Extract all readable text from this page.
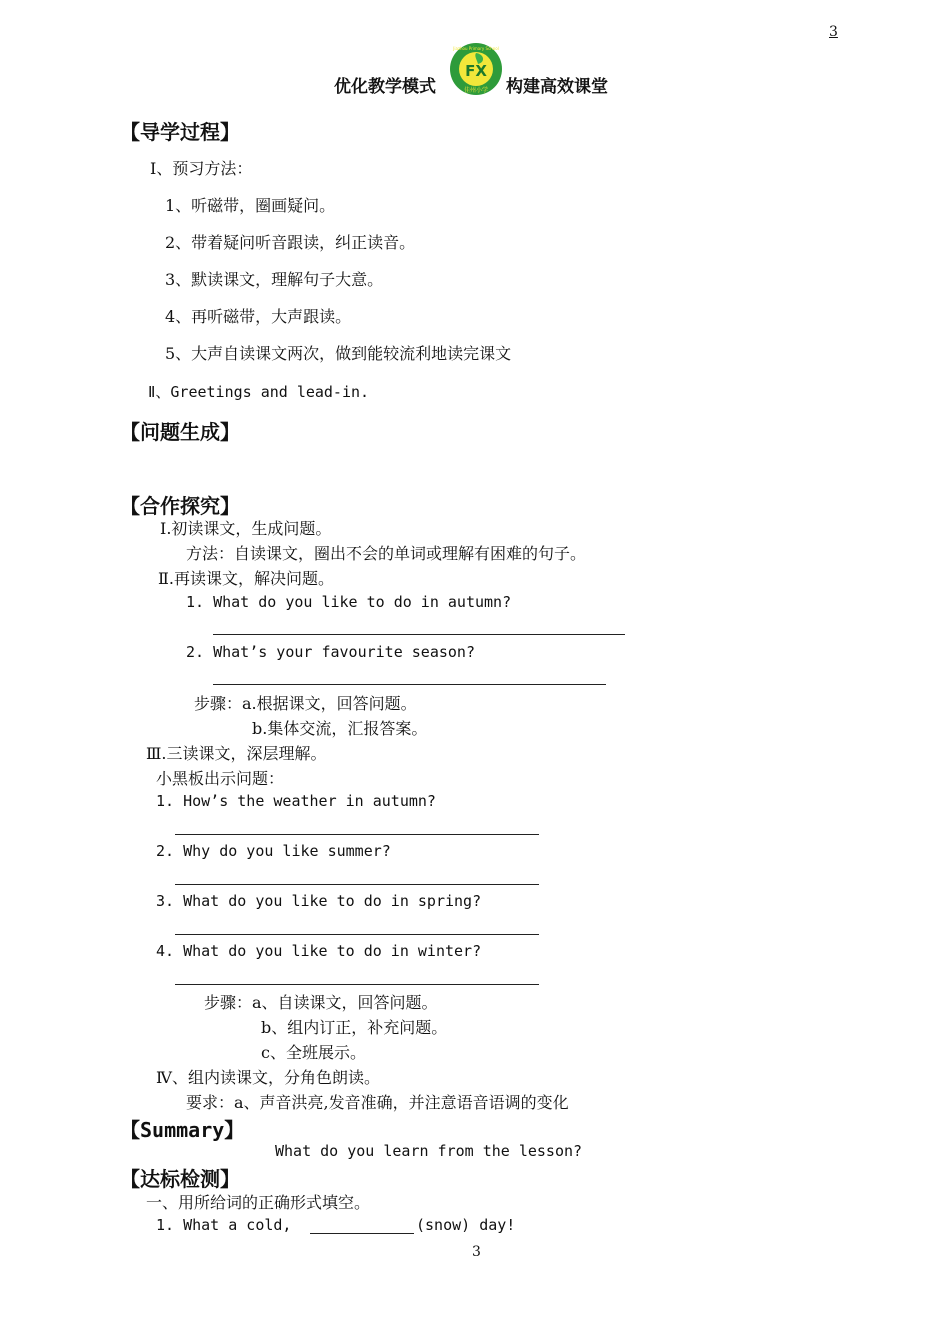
3
优化教学模式
FX
佳州小学
Jiazhou Primary School
构建高效课堂
【导学过程】
Ⅰ、预习方法：
1、听磁带，圈画疑问。
2、带着疑问听音跟读，纠正读音。
3、默读课文，理解句子大意。
4、再听磁带，大声跟读。
5、大声自读课文两次，做到能较流利地读完课文
Ⅱ、Greetings and lead-in.
【问题生成】
【合作探究】
Ⅰ.初读课文，生成问题。
方法：自读课文，圈出不会的单词或理解有困难的句子。
Ⅱ.再读课文，解决问题。
1. What do you like to do in autumn?
2. What’s your favourite season?
步骤：a.根据课文，回答问题。
b.集体交流，汇报答案。
Ⅲ.三读课文，深层理解。
小黑板出示问题：
1. How’s the weather in autumn?
2. Why do you like summer?
3. What do you like to do in spring?
4. What do you like to do in winter?
步骤：a、自读课文，回答问题。
b、组内订正，补充问题。
c、全班展示。
Ⅳ、组内读课文，分角色朗读。
要求：a、声音洪亮,发音准确，并注意语音语调的变化
【Summary】
What do you learn from the lesson?
【达标检测】
一、用所给词的正确形式填空。
1. What a cold,	(snow) day!
3
